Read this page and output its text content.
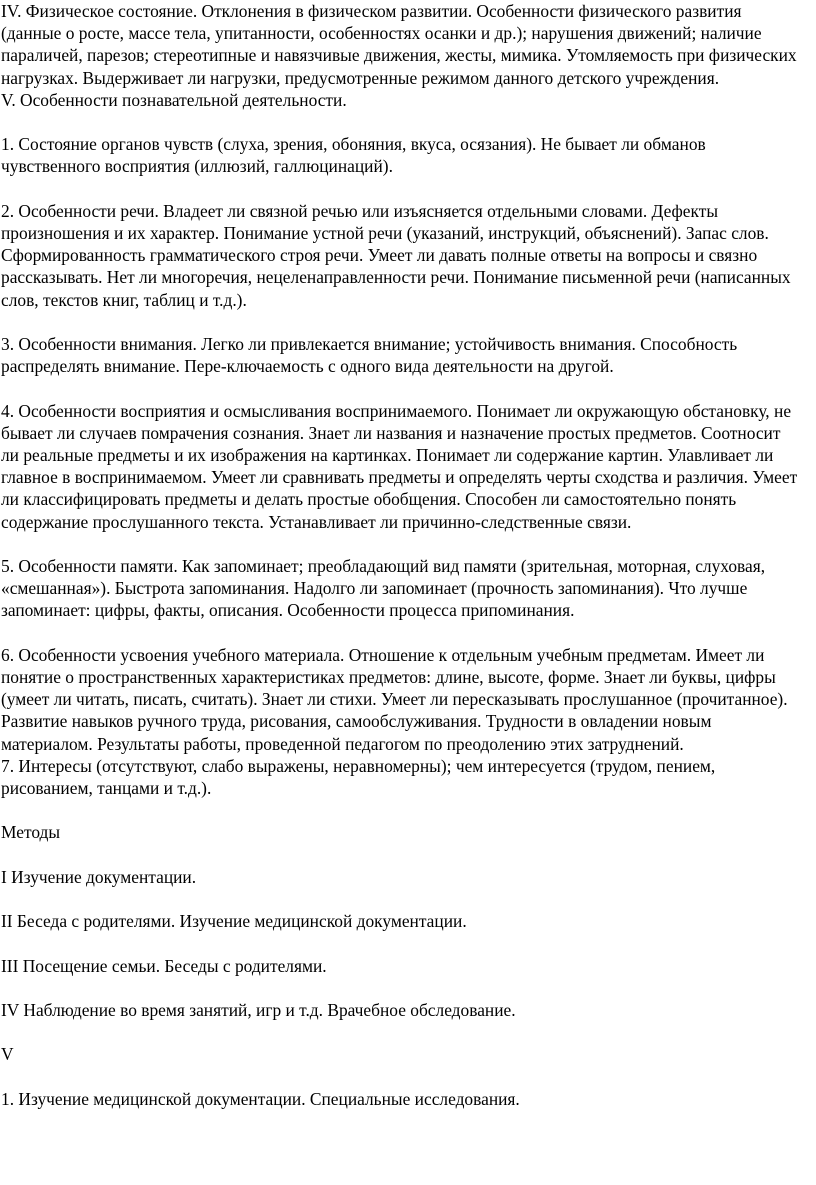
IV. Физическое состояние. Отклонения в физическом развитии. Особенности физического развития (данные о росте, массе тела, упитанности, особенностях осанки и др.); нарушения движений; наличие параличей, парезов; стереотипные и навязчивые движения, жесты, мимика. Утомляемость при физических нагрузках. Выдерживает ли нагрузки, предусмотренные режимом данного детского учреждения.

V. Особенности познавательной деятельности.

1. Состояние органов чувств (слуха, зрения, обоняния, вкуса, осязания). Не бывает ли обманов чувственного восприятия (иллюзий, галлюцинаций).

2. Особенности речи. Владеет ли связной речью или изъясняется отдельными словами. Дефекты произношения и их характер. Понимание устной речи (указаний, инструкций, объяснений). Запас слов. Сформированность грамматического строя речи. Умеет ли давать полные ответы на вопросы и связно рассказывать. Нет ли многоречия, нецеленаправленности речи. Понимание письменной речи (написанных слов, текстов книг, таблиц и т.д.).

3. Особенности внимания. Легко ли привлекается внимание; устойчивость внимания. Способность распределять внимание. Пере-ключаемость с одного вида деятельности на другой.

4. Особенности восприятия и осмысливания воспринимаемого. Понимает ли окружающую обстановку, не бывает ли случаев помрачения сознания. Знает ли названия и назначение простых предметов. Соотносит ли реальные предметы и их изображения на картинках. Понимает ли содержание картин. Улавливает ли главное в воспринимаемом. Умеет ли сравнивать предметы и определять черты сходства и различия. Умеет ли классифицировать предметы и делать простые обобщения. Способен ли самостоятельно понять содержание прослушанного текста. Устанавливает ли причинно-следственные связи.

5. Особенности памяти. Как запоминает; преобладающий вид памяти (зрительная, моторная, слуховая, «смешанная»). Быстрота запоминания. Надолго ли запоминает (прочность запоминания). Что лучше запоминает: цифры, факты, описания. Особенности процесса припоминания.

6. Особенности усвоения учебного материала. Отношение к отдельным учебным предметам. Имеет ли понятие о пространственных характеристиках предметов: длине, высоте, форме. Знает ли буквы, цифры (умеет ли читать, писать, считать). Знает ли стихи. Умеет ли пересказывать прослушанное (прочитанное). Развитие навыков ручного труда, рисования, самообслуживания. Трудности в овладении новым материалом. Результаты работы, проведенной педагогом по преодолению этих затруднений.

7. Интересы (отсутствуют, слабо выражены, неравномерны); чем интересуется (трудом, пением, рисованием, танцами и т.д.).

Методы

I Изучение документации.

II Беседа с родителями. Изучение медицинской документации.

III Посещение семьи. Беседы с родителями.

IV Наблюдение во время занятий, игр и т.д. Врачебное обследование.

V

1. Изучение медицинской документации. Специальные исследования.
